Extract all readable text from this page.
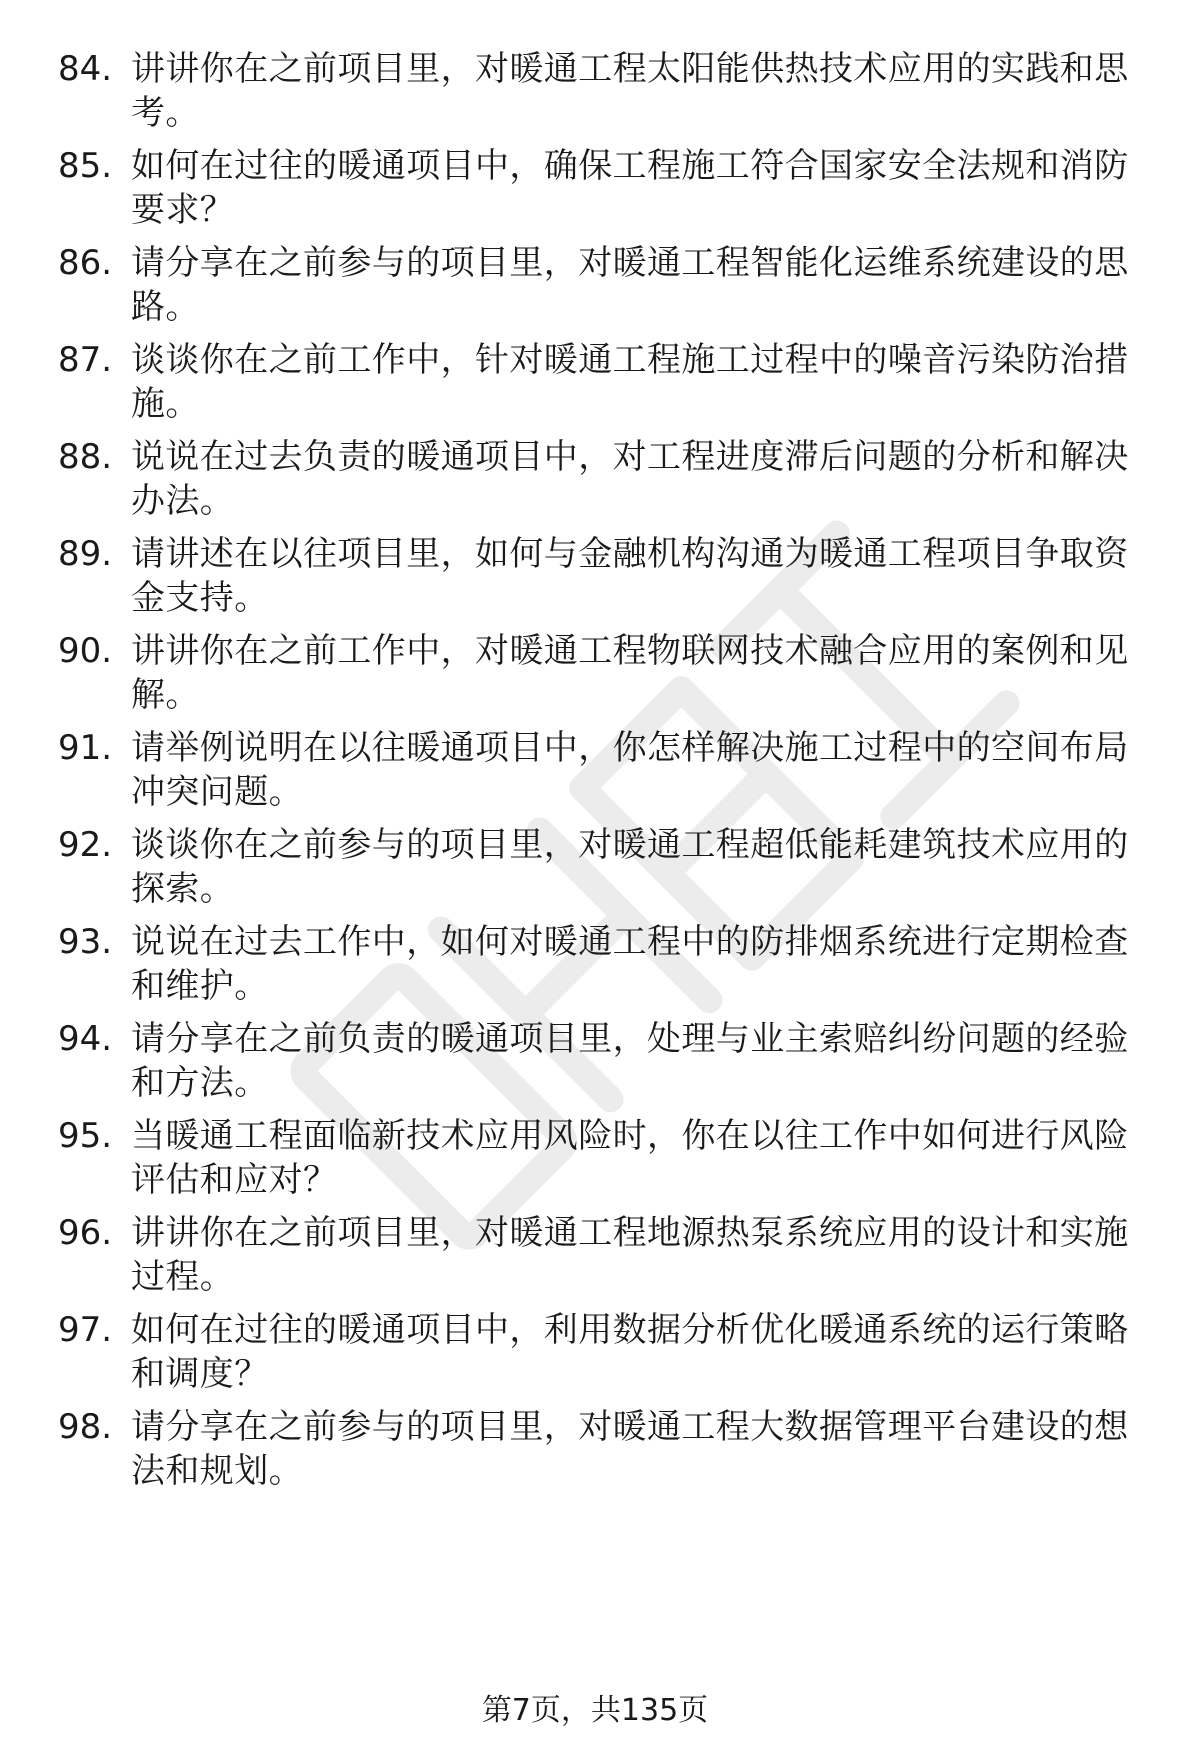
84. 讲讲你在之前项目里，对暖通工程太阳能供热技术应用的实践和思考。
85. 如何在过往的暖通项目中，确保工程施工符合国家安全法规和消防要求？
86. 请分享在之前参与的项目里，对暖通工程智能化运维系统建设的思路。
87. 谈谈你在之前工作中，针对暖通工程施工过程中的噪音污染防治措施。
88. 说说在过去负责的暖通项目中，对工程进度滞后问题的分析和解决办法。
89. 请讲述在以往项目里，如何与金融机构沟通为暖通工程项目争取资金支持。
90. 讲讲你在之前工作中，对暖通工程物联网技术融合应用的案例和见解。
91. 请举例说明在以往暖通项目中，你怎样解决施工过程中的空间布局冲突问题。
92. 谈谈你在之前参与的项目里，对暖通工程超低能耗建筑技术应用的探索。
93. 说说在过去工作中，如何对暖通工程中的防排烟系统进行定期检查和维护。
94. 请分享在之前负责的暖通项目里，处理与业主索赔纠纷问题的经验和方法。
95. 当暖通工程面临新技术应用风险时，你在以往工作中如何进行风险评估和应对？
96. 讲讲你在之前项目里，对暖通工程地源热泵系统应用的设计和实施过程。
97. 如何在过往的暖通项目中，利用数据分析优化暖通系统的运行策略和调度？
98. 请分享在之前参与的项目里，对暖通工程大数据管理平台建设的想法和规划。
第7页，共135页
